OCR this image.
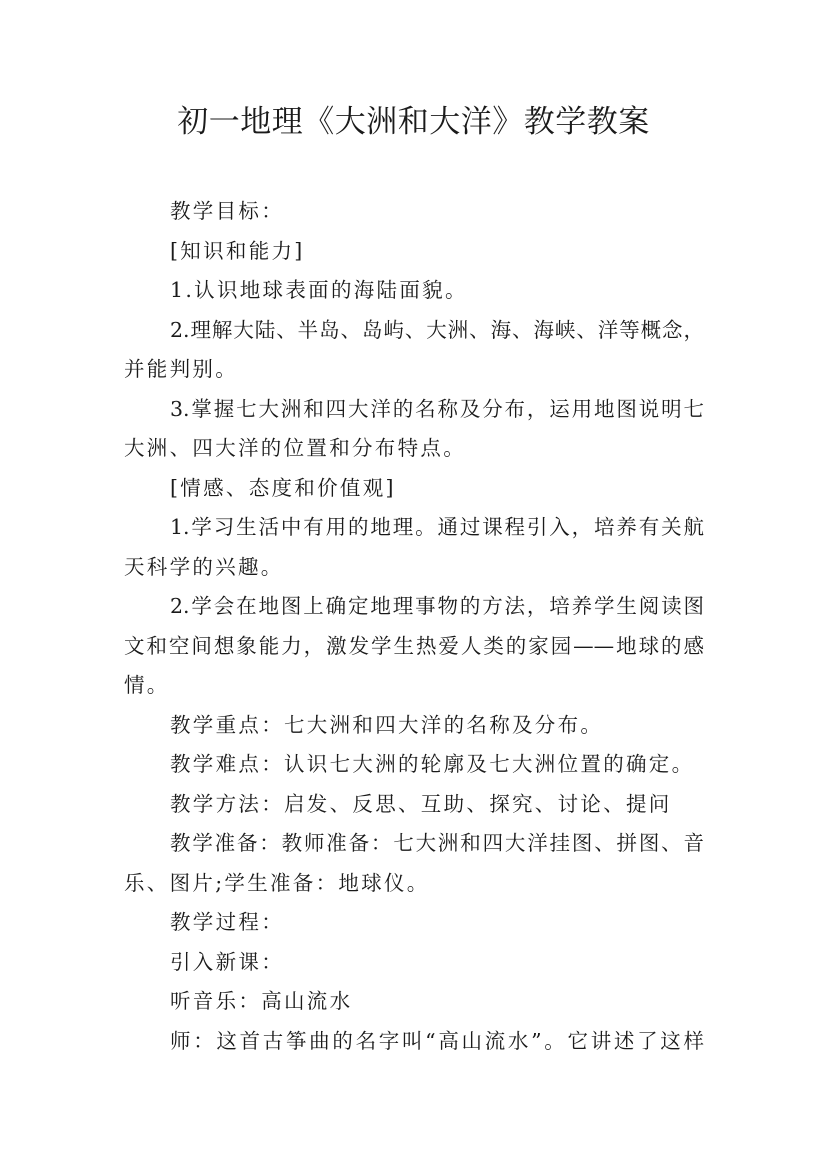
初一地理《大洲和大洋》教学教案
教学目标：
[知识和能力]
1.认识地球表面的海陆面貌。
2.理解大陆、半岛、岛屿、大洲、海、海峡、洋等概念，
并能判别。
3.掌握七大洲和四大洋的名称及分布，运用地图说明七
大洲、四大洋的位置和分布特点。
[情感、态度和价值观]
1.学习生活中有用的地理。通过课程引入，培养有关航
天科学的兴趣。
2.学会在地图上确定地理事物的方法，培养学生阅读图
文和空间想象能力，激发学生热爱人类的家园——地球的感
情。
教学重点：七大洲和四大洋的名称及分布。
教学难点：认识七大洲的轮廓及七大洲位置的确定。
教学方法：启发、反思、互助、探究、讨论、提问
教学准备：教师准备：七大洲和四大洋挂图、拼图、音
乐、图片;学生准备：地球仪。
教学过程：
引入新课：
听音乐：高山流水
师：这首古筝曲的名字叫“高山流水”。它讲述了这样
